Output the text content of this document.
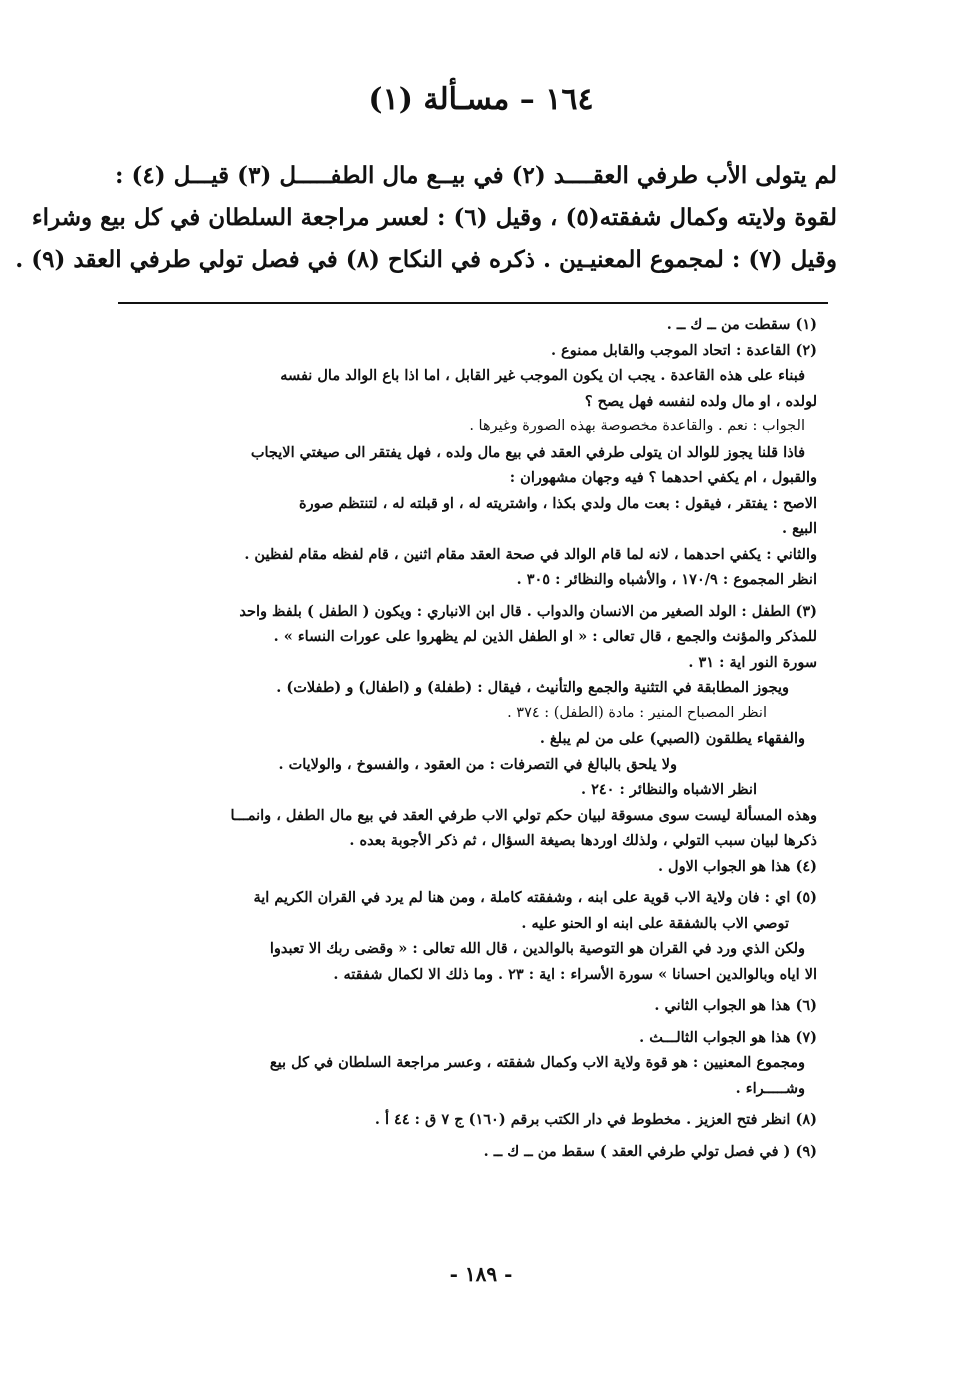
١٦٤ – مسـألة (١)
لم يتولى الأب طرفي العقــــد (٢) في بيــع مال الطفـــــل (٣) قيـــل (٤) :
لقوة ولايته وكمال شفقته(٥) ، وقيل (٦) : لعسر مراجعة السلطان في كل بيع وشراء
وقيل (٧) : لمجموع المعنيـين . ذكره في النكاح (٨) في فصل تولي طرفي العقد (٩) .
(١) سقطت من ــ ك ــ .
(٢) القاعدة : اتحاد الموجب والقابل ممنوع .
فبناء على هذه القاعدة . يجب ان يكون الموجب غير القابل ، اما اذا باع الوالد مال نفسه
لولده ، او مال ولده لنفسه فهل يصح ؟
الجواب : نعم . والقاعدة مخصوصة بهذه الصورة وغيرها .
فاذا قلنا يجوز للوالد ان يتولى طرفي العقد في بيع مال ولده ، فهل يفتقر الى صيغتي الايجاب
والقبول ، ام يكفي احدهما ؟ فيه وجهان مشهوران :
الاصح : يفتقر ، فيقول : بعت مال ولدي بكذا ، واشتريته له ، او قبلته له ، لتنتظم صورة
البيع .
والثاني : يكفي احدهما ، لانه لما قام الوالد في صحة العقد مقام اثنين ، قام لفظه مقام لفظين .
انظر المجموع : ١٧٠/٩ ، والأشباه والنظائر : ٣٠٥ .
(٣) الطفل : الولد الصغير من الانسان والدواب . قال ابن الانباري : ويكون ( الطفل ) بلفظ واحد
للمذكر والمؤنث والجمع ، قال تعالى : « او الطفل الذين لم يظهروا على عورات النساء » .
سورة النور اية : ٣١ .
ويجوز المطابقة في التثنية والجمع والتأنيث ، فيقال : (طفلة) و (اطفال) و (طفلات) .
انظر المصباح المنير : مادة (الطفل) : ٣٧٤ .
والفقهاء يطلقون (الصبي) على من لم يبلغ .
ولا يلحق بالبالغ في التصرفات : من العقود ، والفسوخ ، والولايات .
انظر الاشباه والنظائر : ٢٤٠ .
وهذه المسألة ليست سوى مسوقة لبيان حكم تولي الاب طرفي العقد في بيع مال الطفل ، وانمـــا
ذكرها لبيان سبب التولي ، ولذلك اوردها بصيغة السؤال ، ثم ذكر الأجوبة بعده .
(٤) هذا هو الجواب الاول .
(٥) اي : فان ولاية الاب قوية على ابنه ، وشفقته كاملة ، ومن هنا لم يرد في القران الكريم اية
توصي الاب بالشفقة على ابنه او الحنو عليه .
ولكن الذي ورد في القران هو التوصية بالوالدين ، قال الله تعالى : « وقضى ربك الا تعبدوا
الا اياه وبالوالدين احسانا » سورة الأسراء : اية : ٢٣ . وما ذلك الا لكمال شفقته .
(٦) هذا هو الجواب الثاني .
(٧) هذا هو الجواب الثالـــث .
ومجموع المعنيين : هو قوة ولاية الاب وكمال شفقته ، وعسر مراجعة السلطان في كل بيع
وشـــــراء .
(٨) انظر فتح العزيز . مخطوط في دار الكتب برقم (١٦٠) ج ٧ ق : ٤٤ أ .
(٩) ( في فصل تولي طرفي العقد ) سقط من ــ ك ــ .
- ١٨٩ -
